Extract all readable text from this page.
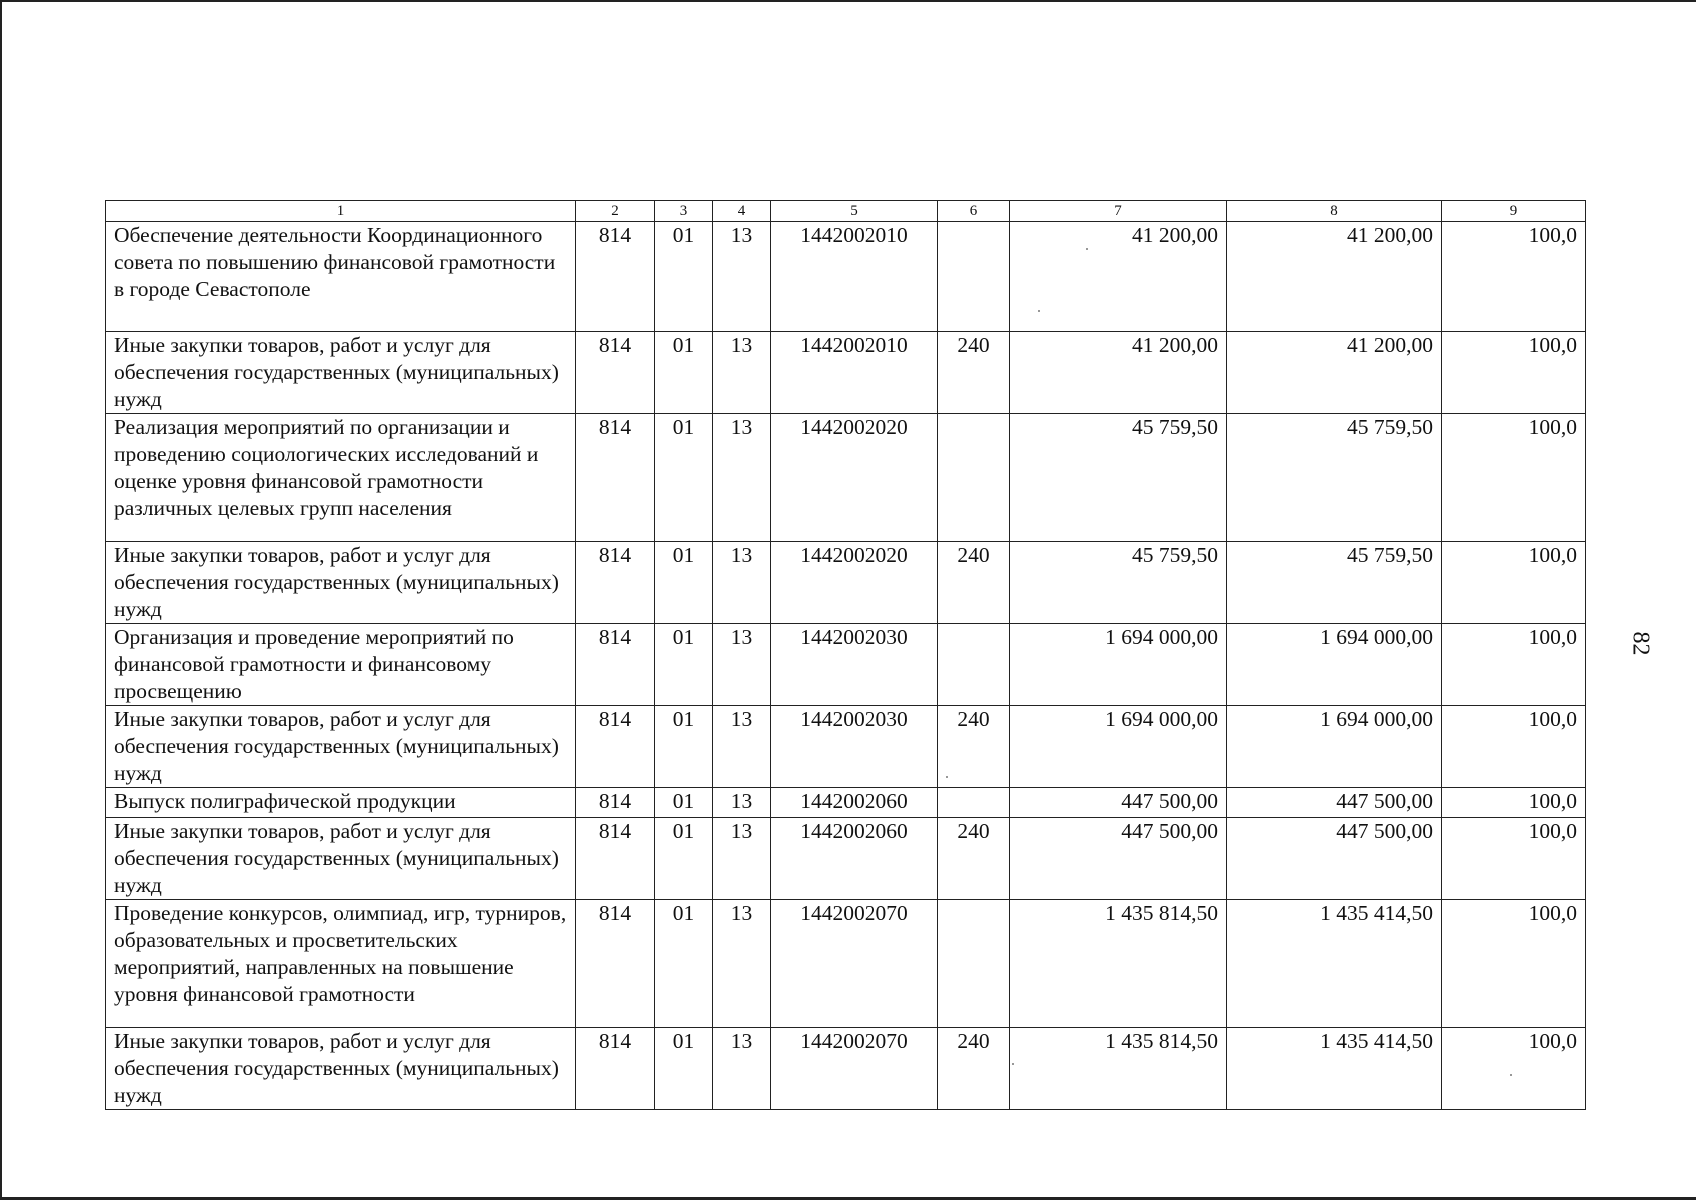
1	2	3	4	5	6	7	8	9
Обеспечение деятельности Координационного совета по повышению финансовой грамотности в городе Севастополе	814	01	13	1442002010		41 200,00	41 200,00	100,0
Иные закупки товаров, работ и услуг для обеспечения государственных (муниципальных) нужд	814	01	13	1442002010	240	41 200,00	41 200,00	100,0
Реализация мероприятий по организации и проведению социологических исследований и оценке уровня финансовой грамотности различных целевых групп населения	814	01	13	1442002020		45 759,50	45 759,50	100,0
Иные закупки товаров, работ и услуг для обеспечения государственных (муниципальных) нужд	814	01	13	1442002020	240	45 759,50	45 759,50	100,0
Организация и проведение мероприятий по финансовой грамотности и финансовому просвещению	814	01	13	1442002030		1 694 000,00	1 694 000,00	100,0
Иные закупки товаров, работ и услуг для обеспечения государственных (муниципальных) нужд	814	01	13	1442002030	240	1 694 000,00	1 694 000,00	100,0
Выпуск полиграфической продукции	814	01	13	1442002060		447 500,00	447 500,00	100,0
Иные закупки товаров, работ и услуг для обеспечения государственных (муниципальных) нужд	814	01	13	1442002060	240	447 500,00	447 500,00	100,0
Проведение конкурсов, олимпиад, игр, турниров, образовательных и просветительских мероприятий, направленных на повышение уровня финансовой грамотности	814	01	13	1442002070		1 435 814,50	1 435 414,50	100,0
Иные закупки товаров, работ и услуг для обеспечения государственных (муниципальных) нужд	814	01	13	1442002070	240	1 435 814,50	1 435 414,50	100,0
82
